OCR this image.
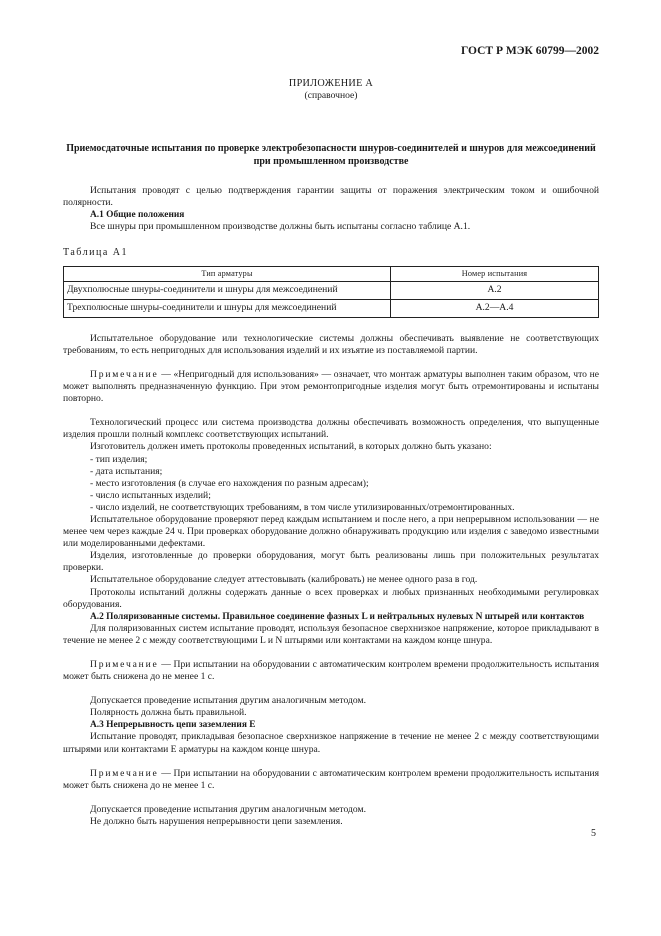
ГОСТ Р МЭК 60799—2002
ПРИЛОЖЕНИЕ А
(справочное)
Приемосдаточные испытания по проверке электробезопасности шнуров-соединителей и шнуров для межсоединений при промышленном производстве

Испытания проводят с целью подтверждения гарантии защиты от поражения электрическим током и ошибочной полярности.

А.1 Общие положения

Все шнуры при промышленном производстве должны быть испытаны согласно таблице А.1.

Таблица А1
Тип арматуры	Номер испытания
Двухполюсные шнуры-соединители и шнуры для межсоединений	А.2
Трехполюсные шнуры-соединители и шнуры для межсоединений	А.2—А.4

Испытательное оборудование или технологические системы должны обеспечивать выявление не соответствующих требованиям, то есть непригодных для использования изделий и их изъятие из поставляемой партии.

Примечание — «Непригодный для использования» — означает, что монтаж арматуры выполнен таким образом, что не может выполнять предназначенную функцию. При этом ремонтопригодные изделия могут быть отремонтированы и испытаны повторно.

Технологический процесс или система производства должны обеспечивать возможность определения, что выпущенные изделия прошли полный комплекс соответствующих испытаний.

Изготовитель должен иметь протоколы проведенных испытаний, в которых должно быть указано:

- тип изделия;
- дата испытания;
- место изготовления (в случае его нахождения по разным адресам);
- число испытанных изделий;
- число изделий, не соответствующих требованиям, в том числе утилизированных/отремонтированных.

Испытательное оборудование проверяют перед каждым испытанием и после него, а при непрерывном использовании — не менее чем через каждые 24 ч. При проверках оборудование должно обнаруживать продукцию или изделия с заведомо известными или моделированными дефектами.

Изделия, изготовленные до проверки оборудования, могут быть реализованы лишь при положительных результатах проверки.

Испытательное оборудование следует аттестовывать (калибровать) не менее одного раза в год.

Протоколы испытаний должны содержать данные о всех проверках и любых признанных необходимыми регулировках оборудования.

А.2 Поляризованные системы. Правильное соединение фазных L и нейтральных нулевых N штырей или контактов

Для поляризованных систем испытание проводят, используя безопасное сверхнизкое напряжение, которое прикладывают в течение не менее 2 с между соответствующими L и N штырями или контактами на каждом конце шнура.

Примечание — При испытании на оборудовании с автоматическим контролем времени продолжительность испытания может быть снижена до не менее 1 с.

Допускается проведение испытания другим аналогичным методом.

Полярность должна быть правильной.

А.3 Непрерывность цепи заземления Е

Испытание проводят, прикладывая безопасное сверхнизкое напряжение в течение не менее 2 с между соответствующими штырями или контактами Е арматуры на каждом конце шнура.

Примечание — При испытании на оборудовании с автоматическим контролем времени продолжительность испытания может быть снижена до не менее 1 с.

Допускается проведение испытания другим аналогичным методом.

Не должно быть нарушения непрерывности цепи заземления.

5
